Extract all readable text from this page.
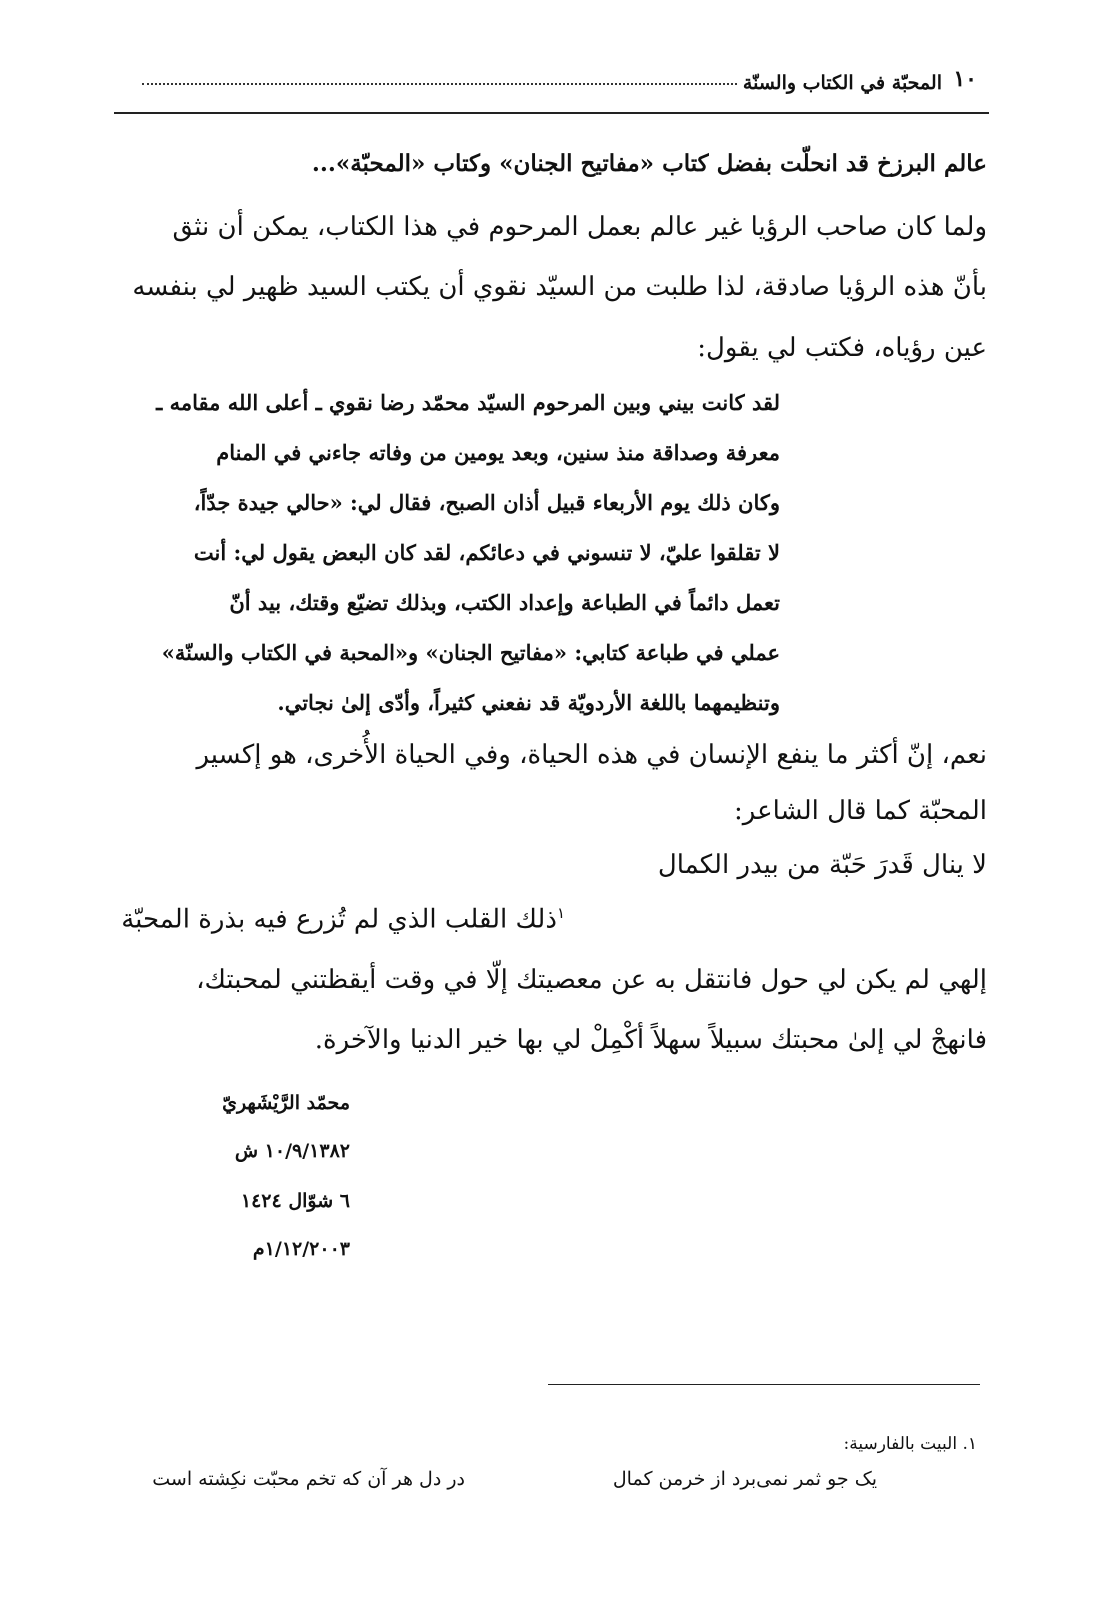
١٠
المحبّة في الكتاب والسنّة
عالم البرزخ قد انحلّت بفضل كتاب «مفاتيح الجنان» وكتاب «المحبّة»...
ولما كان صاحب الرؤيا غير عالم بعمل المرحوم في هذا الكتاب، يمكن أن نثق
بأنّ هذه الرؤيا صادقة، لذا طلبت من السيّد نقوي أن يكتب السيد ظهير لي بنفسه
عين رؤياه، فكتب لي يقول:
لقد كانت بيني وبين المرحوم السيّد محمّد رضا نقوي ـ أعلى الله مقامه ـ
معرفة وصداقة منذ سنين، وبعد يومين من وفاته جاءني في المنام
وكان ذلك يوم الأربعاء قبيل أذان الصبح، فقال لي: «حالي جيدة جدّاً،
لا تقلقوا عليّ، لا تنسوني في دعائكم، لقد كان البعض يقول لي: أنت
تعمل دائماً في الطباعة وإعداد الكتب، وبذلك تضيّع وقتك، بيد أنّ
عملي في طباعة كتابي: «مفاتيح الجنان» و«المحبة في الكتاب والسنّة»
وتنظيمهما باللغة الأردويّة قد نفعني كثيراً، وأدّى إلىٰ نجاتي.
نعم، إنّ أكثر ما ينفع الإنسان في هذه الحياة، وفي الحياة الأُخرى، هو إكسير
المحبّة كما قال الشاعر:
لا ينال قَدرَ حَبّة من بيدر الكمال
$^١$ذلك القلب الذي لم تُزرع فيه بذرة المحبّة
إلهي لم يكن لي حول فانتقل به عن معصيتك إلّا في وقت أيقظتني لمحبتك،
فانهجْ لي إلىٰ محبتك سبيلاً سهلاً أكْمِلْ لي بها خير الدنيا والآخرة.
محمّد الرَّيْشَهريّ
١٠/٩/١٣٨٢ ش
٦ شوّال ١٤٢٤
١/١٢/٢٠٠٣م
١. البيت بالفارسية:
يک جو ثمر نمی‌برد از خرمن كمال
در دل هر آن كه تخم محبّت نكِشته است
